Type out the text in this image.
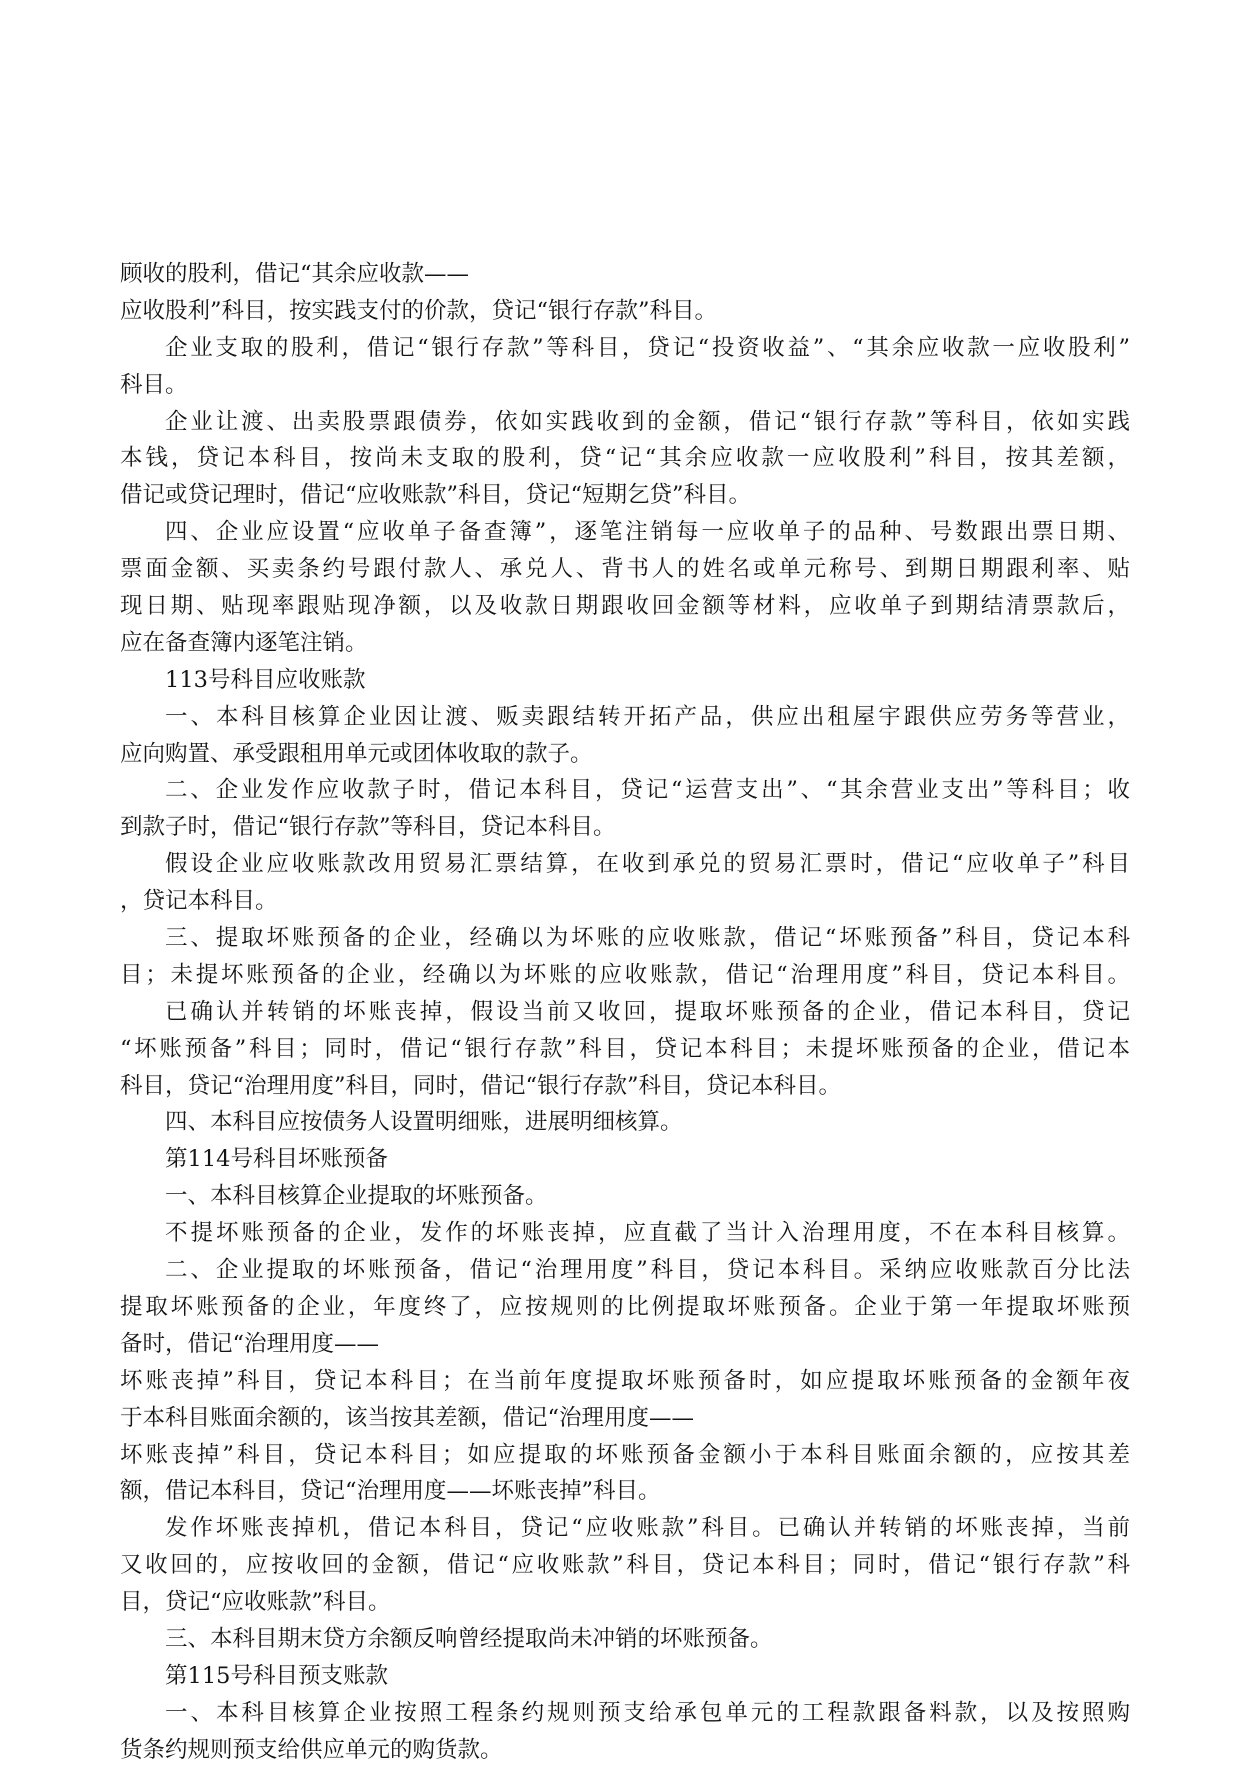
顾收的股利，借记“其余应收款——
应收股利”科目，按实践支付的价款，贷记“银行存款”科目。
企业支取的股利，借记“银行存款”等科目，贷记“投资收益”、“其余应收款一应收股利”
科目。
企业让渡、出卖股票跟债券，依如实践收到的金额，借记“银行存款”等科目，依如实践
本钱，贷记本科目，按尚未支取的股利，贷“记“其余应收款一应收股利”科目，按其差额，
借记或贷记理时，借记“应收账款”科目，贷记“短期乞贷”科目。
四、企业应设置“应收单子备查簿”，逐笔注销每一应收单子的品种、号数跟出票日期、
票面金额、买卖条约号跟付款人、承兑人、背书人的姓名或单元称号、到期日期跟利率、贴
现日期、贴现率跟贴现净额，以及收款日期跟收回金额等材料，应收单子到期结清票款后，
应在备查簿内逐笔注销。
113号科目应收账款
一、本科目核算企业因让渡、贩卖跟结转开拓产品，供应出租屋宇跟供应劳务等营业，
应向购置、承受跟租用单元或团体收取的款子。
二、企业发作应收款子时，借记本科目，贷记“运营支出”、“其余营业支出”等科目；收
到款子时，借记“银行存款”等科目，贷记本科目。
假设企业应收账款改用贸易汇票结算，在收到承兑的贸易汇票时，借记“应收单子”科目
，贷记本科目。
三、提取坏账预备的企业，经确以为坏账的应收账款，借记“坏账预备”科目，贷记本科
目；未提坏账预备的企业，经确以为坏账的应收账款，借记“治理用度”科目，贷记本科目。
已确认并转销的坏账丧掉，假设当前又收回，提取坏账预备的企业，借记本科目，贷记
“坏账预备”科目；同时，借记“银行存款”科目，贷记本科目；未提坏账预备的企业，借记本
科目，贷记“治理用度”科目，同时，借记“银行存款”科目，贷记本科目。
四、本科目应按债务人设置明细账，进展明细核算。
第114号科目坏账预备
一、本科目核算企业提取的坏账预备。
不提坏账预备的企业，发作的坏账丧掉，应直截了当计入治理用度，不在本科目核算。
二、企业提取的坏账预备，借记“治理用度”科目，贷记本科目。采纳应收账款百分比法
提取坏账预备的企业，年度终了，应按规则的比例提取坏账预备。企业于第一年提取坏账预
备时，借记“治理用度——
坏账丧掉”科目，贷记本科目；在当前年度提取坏账预备时，如应提取坏账预备的金额年夜
于本科目账面余额的，该当按其差额，借记“治理用度——
坏账丧掉”科目，贷记本科目；如应提取的坏账预备金额小于本科目账面余额的，应按其差
额，借记本科目，贷记“治理用度——坏账丧掉”科目。
发作坏账丧掉机，借记本科目，贷记“应收账款”科目。已确认并转销的坏账丧掉，当前
又收回的，应按收回的金额，借记“应收账款”科目，贷记本科目；同时，借记“银行存款”科
目，贷记“应收账款”科目。
三、本科目期末贷方余额反响曾经提取尚未冲销的坏账预备。
第115号科目预支账款
一、本科目核算企业按照工程条约规则预支给承包单元的工程款跟备料款，以及按照购
货条约规则预支给供应单元的购货款。
